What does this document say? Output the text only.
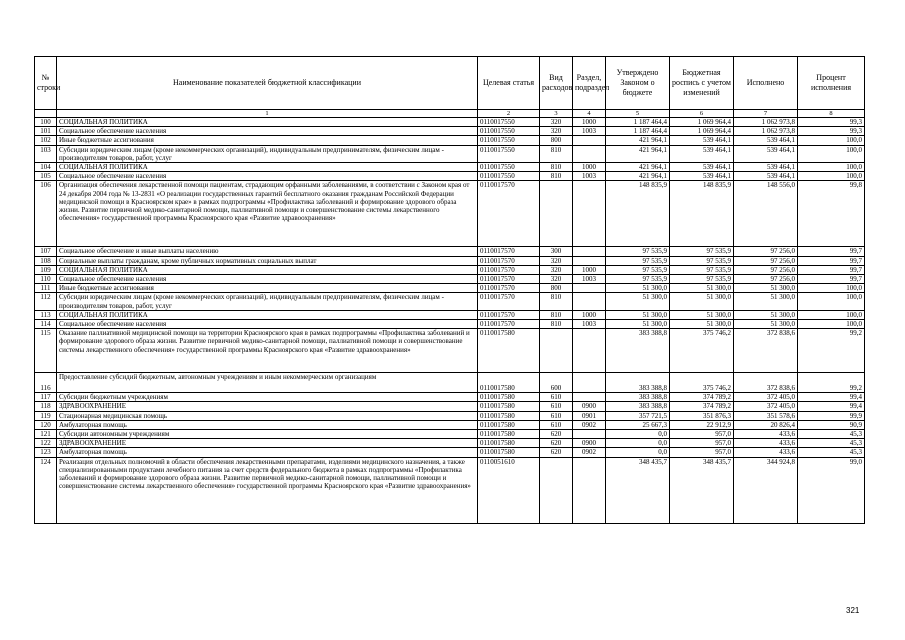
№ строки	Наименование показателей бюджетной классификации	Целевая статья	Вид расходов	Раздел, подраздел	Утверждено Законом о бюджете	Бюджетная роспись с учетом изменений	Исполнено	Процент исполнения
	1	2	3	4	5	6	7	8
100	СОЦИАЛЬНАЯ ПОЛИТИКА	0110017550	320	1000	1 187 464,4	1 069 964,4	1 062 973,8	99,3
101	Социальное обеспечение населения	0110017550	320	1003	1 187 464,4	1 069 964,4	1 062 973,8	99,3
102	Иные бюджетные ассигнования	0110017550	800		421 964,1	539 464,1	539 464,1	100,0
103	Субсидии юридическим лицам (кроме некоммерческих организаций), индивидуальным предпринимателям, физическим лицам - производителям товаров, работ, услуг	0110017550	810		421 964,1	539 464,1	539 464,1	100,0
104	СОЦИАЛЬНАЯ ПОЛИТИКА	0110017550	810	1000	421 964,1	539 464,1	539 464,1	100,0
105	Социальное обеспечение населения	0110017550	810	1003	421 964,1	539 464,1	539 464,1	100,0
106	Организация обеспечения лекарственной помощи пациентам, страдающим орфанными заболеваниями, в соответствии с Законом края от 24 декабря 2004 года № 13-2831 «О реализации государственных гарантий бесплатного оказания гражданам Российской Федерации медицинской помощи в Красноярском крае» в рамках подпрограммы «Профилактика заболеваний и формирование здорового образа жизни. Развитие первичной медико-санитарной помощи, паллиативной помощи и совершенствование системы лекарственного обеспечения» государственной программы Красноярского края «Развитие здравоохранения»	0110017570			148 835,9	148 835,9	148 556,0	99,8
107	Социальное обеспечение и иные выплаты населению	0110017570	300		97 535,9	97 535,9	97 256,0	99,7
108	Социальные выплаты гражданам, кроме публичных нормативных социальных выплат	0110017570	320		97 535,9	97 535,9	97 256,0	99,7
109	СОЦИАЛЬНАЯ ПОЛИТИКА	0110017570	320	1000	97 535,9	97 535,9	97 256,0	99,7
110	Социальное обеспечение населения	0110017570	320	1003	97 535,9	97 535,9	97 256,0	99,7
111	Иные бюджетные ассигнования	0110017570	800		51 300,0	51 300,0	51 300,0	100,0
112	Субсидии юридическим лицам (кроме некоммерческих организаций), индивидуальным предпринимателям, физическим лицам - производителям товаров, работ, услуг	0110017570	810		51 300,0	51 300,0	51 300,0	100,0
113	СОЦИАЛЬНАЯ ПОЛИТИКА	0110017570	810	1000	51 300,0	51 300,0	51 300,0	100,0
114	Социальное обеспечение населения	0110017570	810	1003	51 300,0	51 300,0	51 300,0	100,0
115	Оказание паллиативной медицинской помощи на территории Красноярского края в рамках подпрограммы «Профилактика заболеваний и формирование здорового образа жизни. Развитие первичной медико-санитарной помощи, паллиативной помощи и совершенствование системы лекарственного обеспечения» государственной программы Красноярского края «Развитие здравоохранения»	0110017580			383 388,8	375 746,2	372 838,6	99,2
116	Предоставление субсидий бюджетным, автономным учреждениям и иным некоммерческим организациям	0110017580	600		383 388,8	375 746,2	372 838,6	99,2
117	Субсидии бюджетным учреждениям	0110017580	610		383 388,8	374 789,2	372 405,0	99,4
118	ЗДРАВООХРАНЕНИЕ	0110017580	610	0900	383 388,8	374 789,2	372 405,0	99,4
119	Стационарная медицинская помощь	0110017580	610	0901	357 721,5	351 876,3	351 578,6	99,9
120	Амбулаторная помощь	0110017580	610	0902	25 667,3	22 912,9	20 826,4	90,9
121	Субсидии автономным учреждениям	0110017580	620		0,0	957,0	433,6	45,3
122	ЗДРАВООХРАНЕНИЕ	0110017580	620	0900	0,0	957,0	433,6	45,3
123	Амбулаторная помощь	0110017580	620	0902	0,0	957,0	433,6	45,3
124	Реализация отдельных полномочий в области обеспечения лекарственными препаратами, изделиями медицинского назначения, а также специализированными продуктами лечебного питания за счет средств федерального бюджета в рамках подпрограммы «Профилактика заболеваний и формирование здорового образа жизни. Развитие первичной медико-санитарной помощи, паллиативной помощи и совершенствование системы лекарственного обеспечения» государственной программы Красноярского края «Развитие здравоохранения»	0110051610			348 435,7	348 435,7	344 924,8	99,0
321
